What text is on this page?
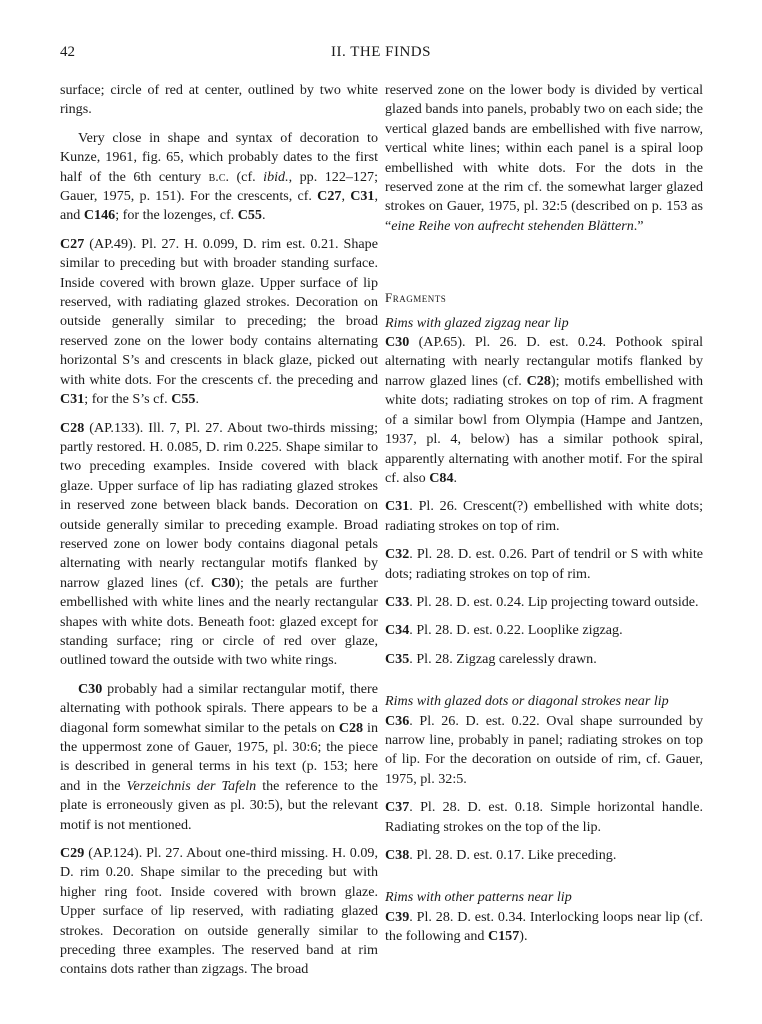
42	II. THE FINDS

surface; circle of red at center, outlined by two white rings.

Very close in shape and syntax of decoration to Kunze, 1961, fig. 65, which probably dates to the first half of the 6th century b.c. (cf. ibid., pp. 122–127; Gauer, 1975, p. 151). For the crescents, cf. C27, C31, and C146; for the lozenges, cf. C55.

C27 (AP.49). Pl. 27. H. 0.099, D. rim est. 0.21. Shape similar to preceding but with broader standing surface. Inside covered with brown glaze. Upper surface of lip reserved, with radiating glazed strokes. Decoration on outside generally similar to preceding; the broad reserved zone on the lower body contains alternating horizontal S’s and crescents in black glaze, picked out with white dots. For the crescents cf. the preceding and C31; for the S’s cf. C55.

C28 (AP.133). Ill. 7, Pl. 27. About two-thirds missing; partly restored. H. 0.085, D. rim 0.225. Shape similar to two preceding examples. Inside covered with black glaze. Upper surface of lip has radiating glazed strokes in reserved zone between black bands. Decoration on outside generally similar to preceding example. Broad reserved zone on lower body contains diagonal petals alternating with nearly rectangular motifs flanked by narrow glazed lines (cf. C30); the petals are further embellished with white lines and the nearly rectangular shapes with white dots. Beneath foot: glazed except for standing surface; ring or circle of red over glaze, outlined toward the outside with two white rings.

C30 probably had a similar rectangular motif, there alternating with pothook spirals. There appears to be a diagonal form somewhat similar to the petals on C28 in the uppermost zone of Gauer, 1975, pl. 30:6; the piece is described in general terms in his text (p. 153; here and in the Verzeichnis der Tafeln the reference to the plate is erroneously given as pl. 30:5), but the relevant motif is not mentioned.

C29 (AP.124). Pl. 27. About one-third missing. H. 0.09, D. rim 0.20. Shape similar to the preceding but with higher ring foot. Inside covered with brown glaze. Upper surface of lip reserved, with radiating glazed strokes. Decoration on outside generally similar to preceding three examples. The reserved band at rim contains dots rather than zigzags. The broad

reserved zone on the lower body is divided by vertical glazed bands into panels, probably two on each side; the vertical glazed bands are embellished with five narrow, vertical white lines; within each panel is a spiral loop embellished with white dots. For the dots in the reserved zone at the rim cf. the somewhat larger glazed strokes on Gauer, 1975, pl. 32:5 (described on p. 153 as “eine Reihe von aufrecht stehenden Blättern.”

Fragments
Rims with glazed zigzag near lip

C30 (AP.65). Pl. 26. D. est. 0.24. Pothook spiral alternating with nearly rectangular motifs flanked by narrow glazed lines (cf. C28); motifs embellished with white dots; radiating strokes on top of rim. A fragment of a similar bowl from Olympia (Hampe and Jantzen, 1937, pl. 4, below) has a similar pothook spiral, apparently alternating with another motif. For the spiral cf. also C84.

C31. Pl. 26. Crescent(?) embellished with white dots; radiating strokes on top of rim.

C32. Pl. 28. D. est. 0.26. Part of tendril or S with white dots; radiating strokes on top of rim.

C33. Pl. 28. D. est. 0.24. Lip projecting toward outside.

C34. Pl. 28. D. est. 0.22. Looplike zigzag.

C35. Pl. 28. Zigzag carelessly drawn.

Rims with glazed dots or diagonal strokes near lip

C36. Pl. 26. D. est. 0.22. Oval shape surrounded by narrow line, probably in panel; radiating strokes on top of lip. For the decoration on outside of rim, cf. Gauer, 1975, pl. 32:5.

C37. Pl. 28. D. est. 0.18. Simple horizontal handle. Radiating strokes on the top of the lip.

C38. Pl. 28. D. est. 0.17. Like preceding.

Rims with other patterns near lip

C39. Pl. 28. D. est. 0.34. Interlocking loops near lip (cf. the following and C157).
